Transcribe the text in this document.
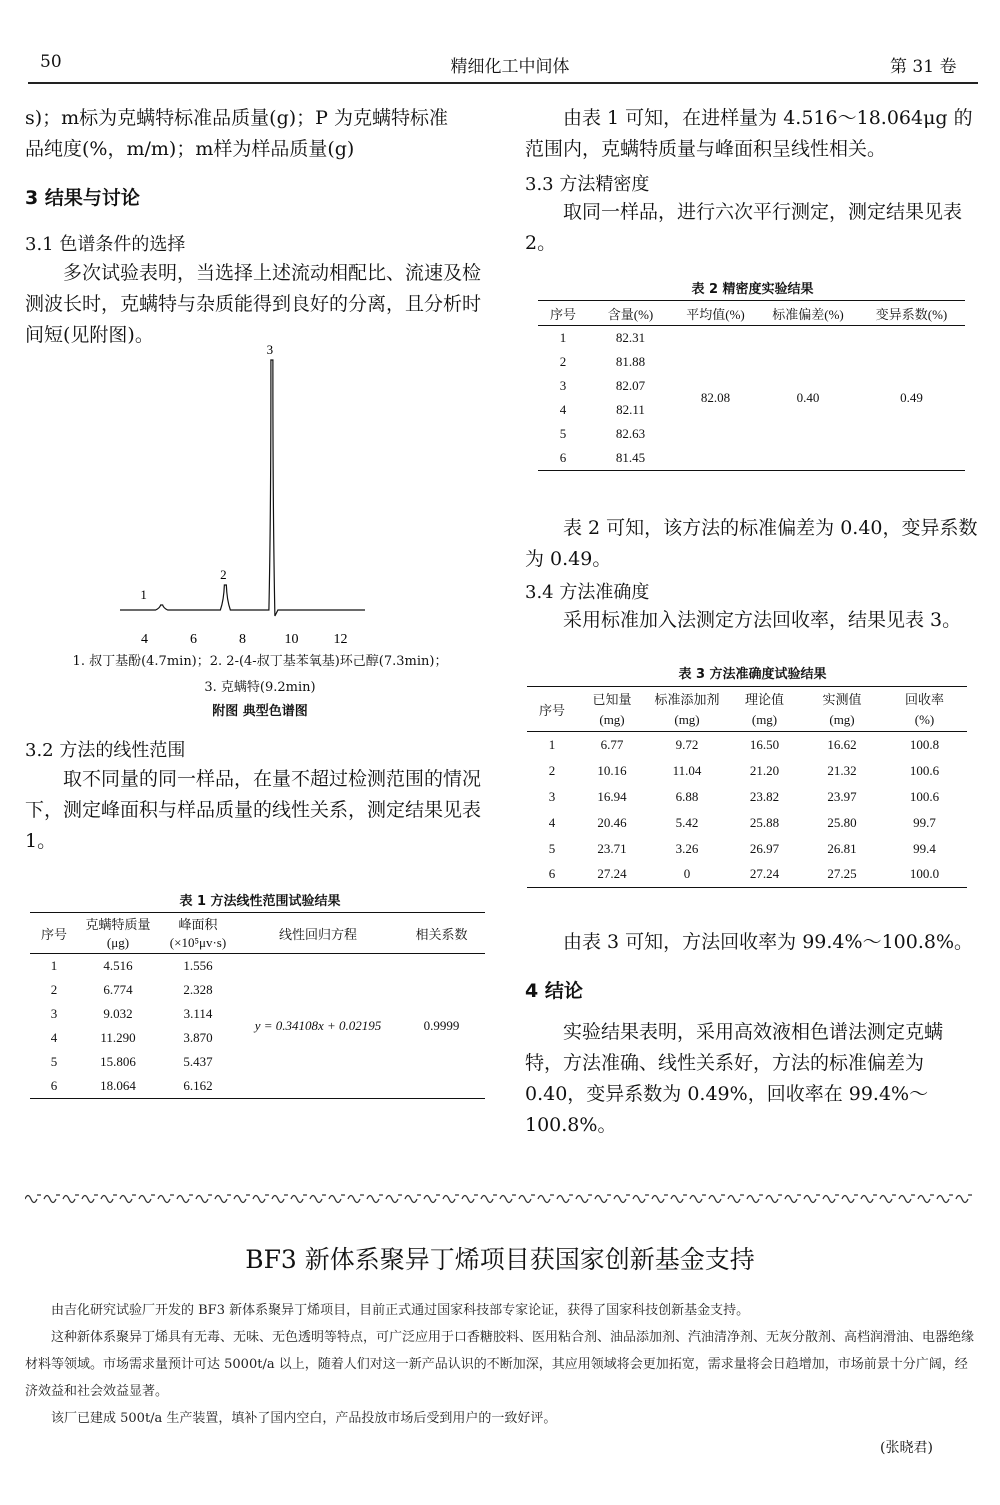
50	精细化工中间体	第 31 卷
s)；m标为克螨特标准品质量(g)；P 为克螨特标准
品纯度(%，m/m)；m样为样品质量(g)
3 结果与讨论
3.1 色谱条件的选择
多次试验表明，当选择上述流动相配比、流速及检测波长时，克螨特与杂质能得到良好的分离，且分析时间短(见附图)。
1
2
3
4	6	8	10	12
1. 叔丁基酚(4.7min)；2. 2-(4-叔丁基苯氧基)环己醇(7.3min)；
3. 克螨特(9.2min)
附图 典型色谱图
3.2 方法的线性范围
取不同量的同一样品，在量不超过检测范围的情况下，测定峰面积与样品质量的线性关系，测定结果见表 1。
表 1 方法线性范围试验结果
序号	克螨特质量	峰面积	线性回归方程	相关系数
	(μg)	(×10⁵μv·s)		
1	4.516	1.556	y = 0.34108x + 0.02195	0.9999
2	6.774	2.328		
3	9.032	3.114		
4	11.290	3.870		
5	15.806	5.437		
6	18.064	6.162		
由表 1 可知，在进样量为 4.516～18.064μg 的范围内，克螨特质量与峰面积呈线性相关。
3.3 方法精密度
取同一样品，进行六次平行测定，测定结果见表 2。
表 2 精密度实验结果
序号	含量(%)	平均值(%)	标准偏差(%)	变异系数(%)
1	82.31	82.08	0.40	0.49
2	81.88			
3	82.07			
4	82.11			
5	82.63			
6	81.45			
表 2 可知，该方法的标准偏差为 0.40，变异系数为 0.49。
3.4 方法准确度
采用标准加入法测定方法回收率，结果见表 3。
表 3 方法准确度试验结果
序号	已知量	标准添加剂	理论值	实测值	回收率
	(mg)	(mg)	(mg)	(mg)	(%)
1	6.77	9.72	16.50	16.62	100.8
2	10.16	11.04	21.20	21.32	100.6
3	16.94	6.88	23.82	23.97	100.6
4	20.46	5.42	25.88	25.80	99.7
5	23.71	3.26	26.97	26.81	99.4
6	27.24	0	27.24	27.25	100.0
由表 3 可知，方法回收率为 99.4%～100.8%。
4 结论
实验结果表明，采用高效液相色谱法测定克螨特，方法准确、线性关系好，方法的标准偏差为 0.40，变异系数为 0.49%，回收率在 99.4%～100.8%。
BF3 新体系聚异丁烯项目获国家创新基金支持
由吉化研究试验厂开发的 BF3 新体系聚异丁烯项目，目前正式通过国家科技部专家论证，获得了国家科技创新基金支持。
这种新体系聚异丁烯具有无毒、无味、无色透明等特点，可广泛应用于口香糖胶料、医用粘合剂、油品添加剂、汽油清净剂、无灰分散剂、高档润滑油、电器绝缘材料等领域。市场需求量预计可达 5000t/a 以上，随着人们对这一新产品认识的不断加深，其应用领域将会更加拓宽，需求量将会日趋增加，市场前景十分广阔，经济效益和社会效益显著。
该厂已建成 500t/a 生产装置，填补了国内空白，产品投放市场后受到用户的一致好评。
(张晓君)
